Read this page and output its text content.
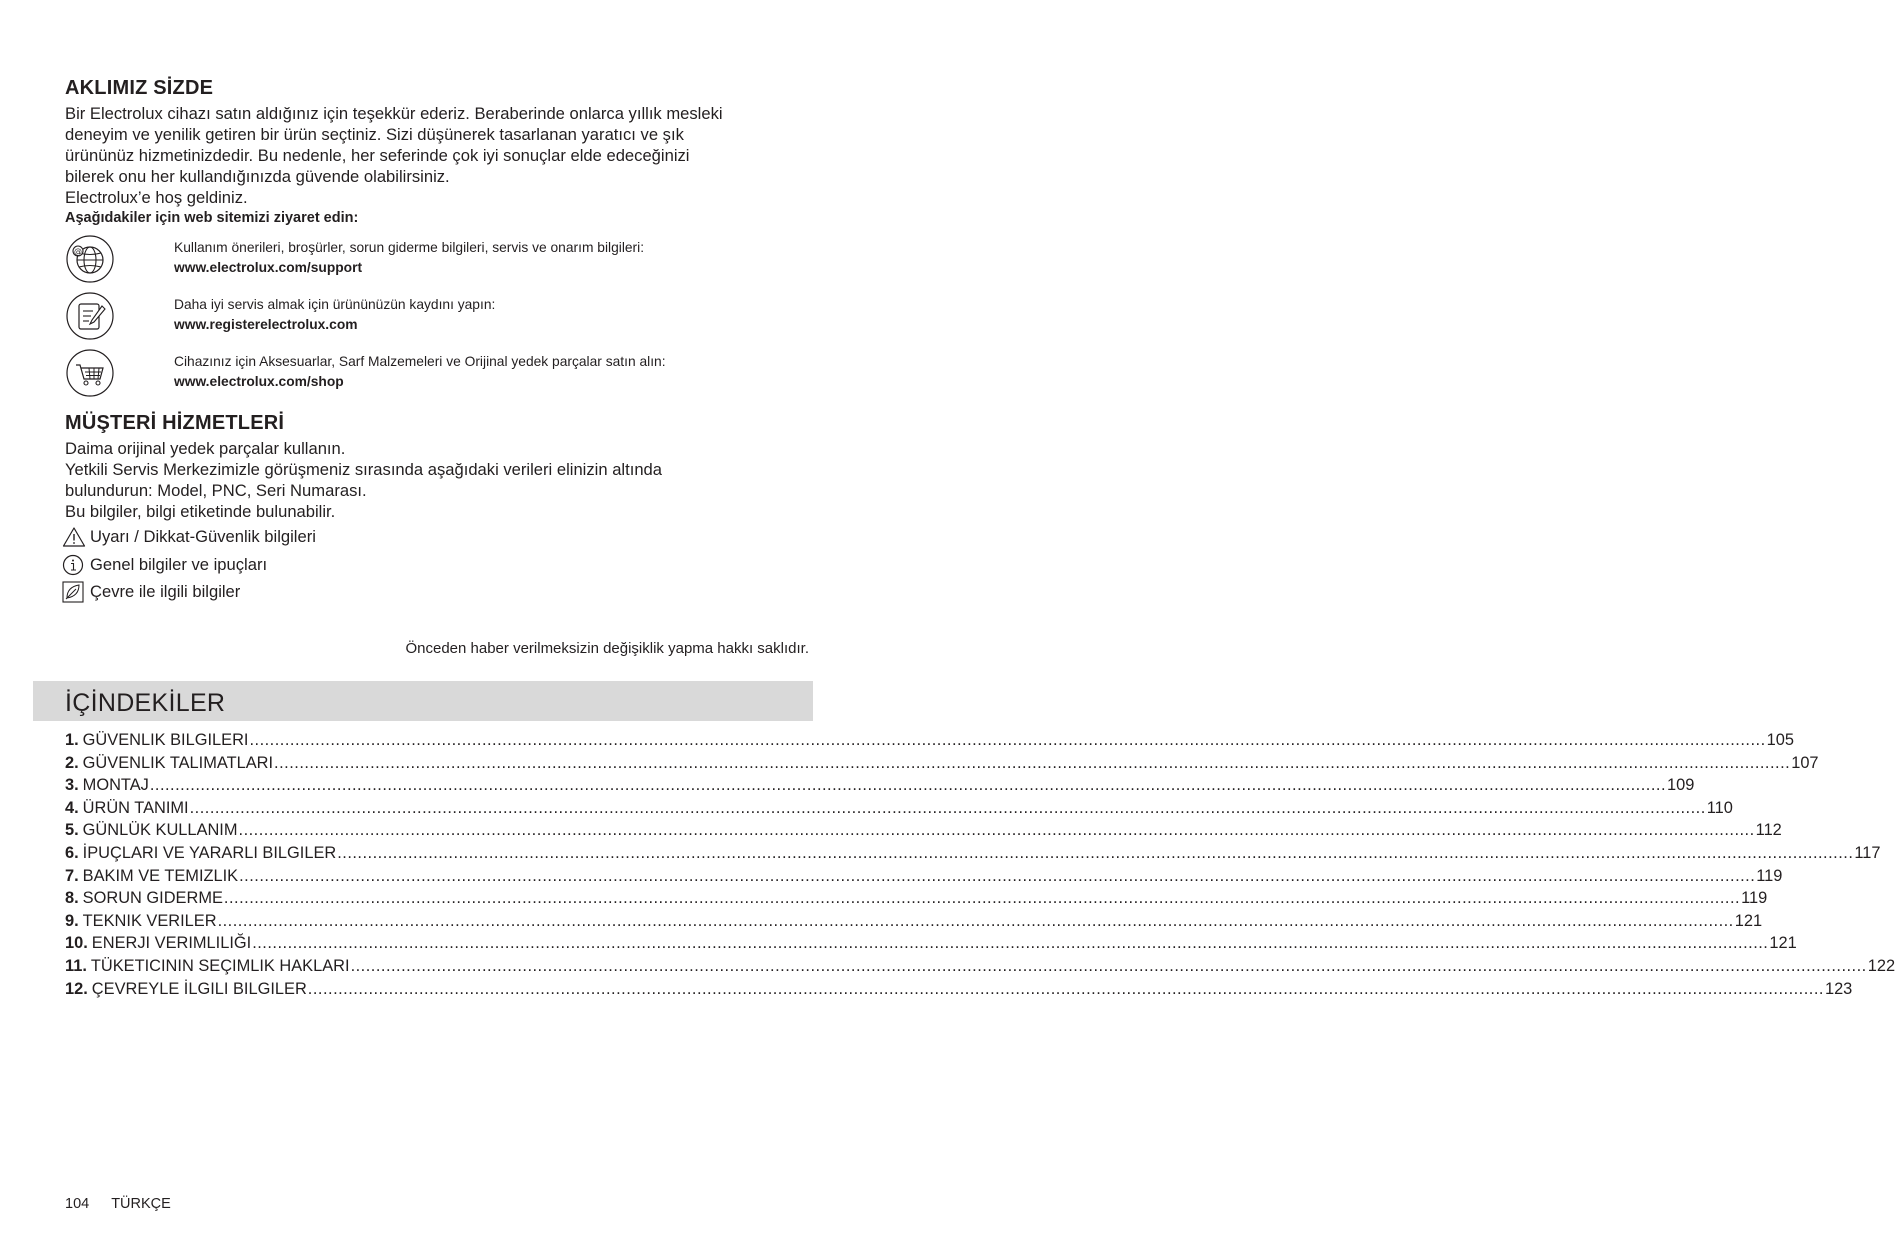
AKLIMIZ SİZDE
Bir Electrolux cihazı satın aldığınız için teşekkür ederiz. Beraberinde onlarca yıllık mesleki
deneyim ve yenilik getiren bir ürün seçtiniz. Sizi düşünerek tasarlanan yaratıcı ve şık
ürününüz hizmetinizdedir. Bu nedenle, her seferinde çok iyi sonuçlar elde edeceğinizi
bilerek onu her kullandığınızda güvende olabilirsiniz.
Electrolux’e hoş geldiniz.
Aşağıdakiler için web sitemizi ziyaret edin:
@	Kullanım önerileri, broşürler, sorun giderme bilgileri, servis ve onarım bilgileri:
www.electrolux.com/support
Daha iyi servis almak için ürününüzün kaydını yapın:
www.registerelectrolux.com
Cihazınız için Aksesuarlar, Sarf Malzemeleri ve Orijinal yedek parçalar satın alın:
www.electrolux.com/shop
MÜŞTERİ HİZMETLERİ
Daima orijinal yedek parçalar kullanın.
Yetkili Servis Merkezimizle görüşmeniz sırasında aşağıdaki verileri elinizin altında
bulundurun: Model, PNC, Seri Numarası.
Bu bilgiler, bilgi etiketinde bulunabilir.
Uyarı / Dikkat-Güvenlik bilgileri
Genel bilgiler ve ipuçları
Çevre ile ilgili bilgiler
Önceden haber verilmeksizin değişiklik yapma hakkı saklıdır.
İÇİNDEKİLER
1. GÜVENLIK BILGILERI ............................................................................................................................................................................................................................................................................................................ 105
2. GÜVENLIK TALIMATLARI ............................................................................................................................................................................................................................................................................................................ 107
3. MONTAJ ............................................................................................................................................................................................................................................................................................................ 109
4. ÜRÜN TANIMI ............................................................................................................................................................................................................................................................................................................ 110
5. GÜNLÜK KULLANIM ............................................................................................................................................................................................................................................................................................................ 112
6. İPUÇLARI VE YARARLI BILGILER ............................................................................................................................................................................................................................................................................................................ 117
7. BAKIM VE TEMIZLIK ............................................................................................................................................................................................................................................................................................................ 119
8. SORUN GIDERME ............................................................................................................................................................................................................................................................................................................ 119
9. TEKNIK VERILER ............................................................................................................................................................................................................................................................................................................ 121
10. ENERJI VERIMLILIĞI ............................................................................................................................................................................................................................................................................................................ 121
11. TÜKETICININ SEÇIMLIK HAKLARI ............................................................................................................................................................................................................................................................................................................ 122
12. ÇEVREYLE İLGILI BILGILER ............................................................................................................................................................................................................................................................................................................ 123
104 TÜRKÇE
